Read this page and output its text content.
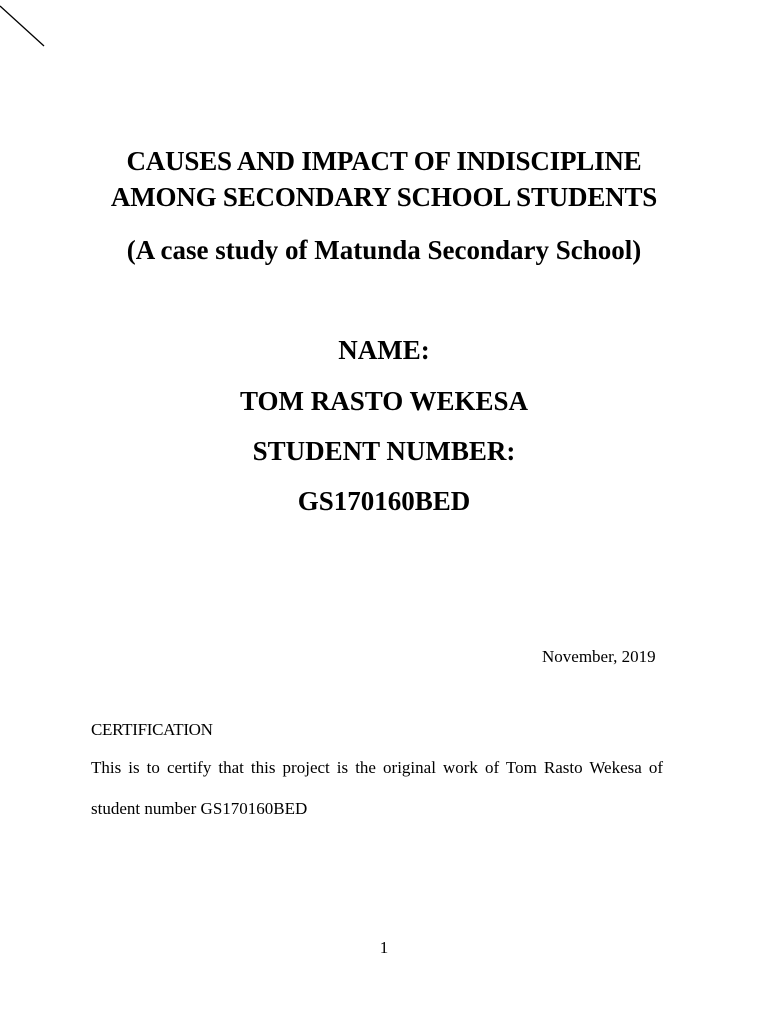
CAUSES AND IMPACT OF INDISCIPLINE
AMONG SECONDARY SCHOOL STUDENTS
(A case study of Matunda Secondary School)
NAME:
TOM RASTO WEKESA
STUDENT NUMBER:
GS170160BED
November, 2019
CERTIFICATION
This is to certify that this project is the original work of Tom Rasto Wekesa of
student number GS170160BED
1
